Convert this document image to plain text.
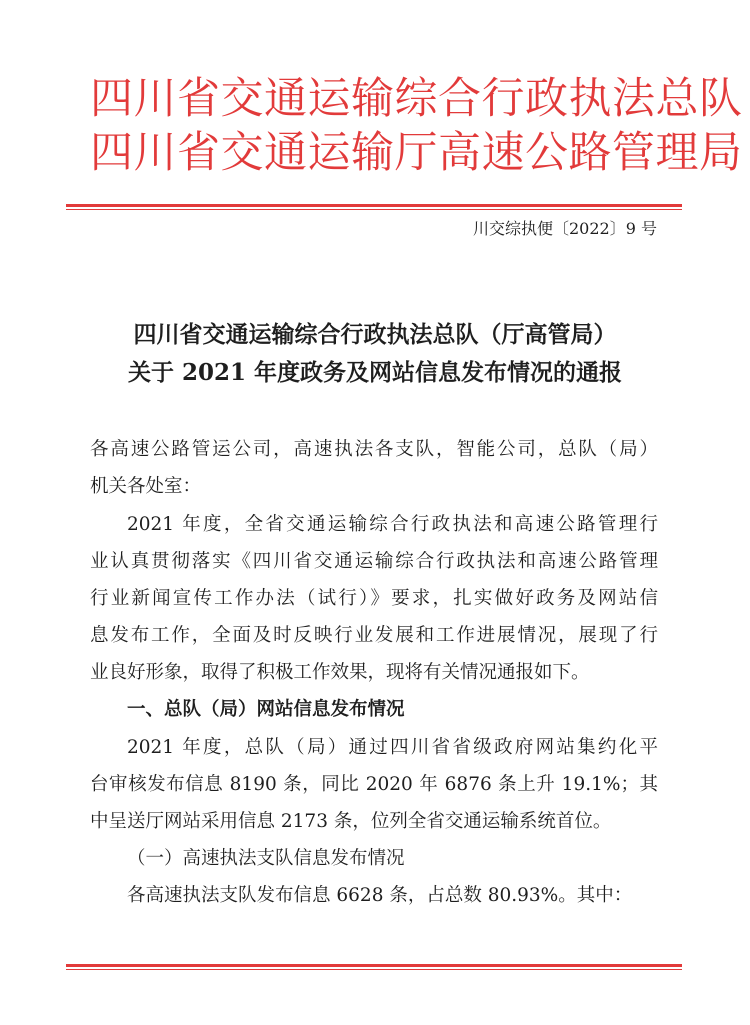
四川省交通运输综合行政执法总队
四川省交通运输厅高速公路管理局
川交综执便〔2022〕9 号
四川省交通运输综合行政执法总队（厅高管局）
关于 2021 年度政务及网站信息发布情况的通报
各高速公路管运公司，高速执法各支队，智能公司，总队（局）
机关各处室：
2021 年度，全省交通运输综合行政执法和高速公路管理行
业认真贯彻落实《四川省交通运输综合行政执法和高速公路管理
行业新闻宣传工作办法（试行）》要求，扎实做好政务及网站信
息发布工作，全面及时反映行业发展和工作进展情况，展现了行
业良好形象，取得了积极工作效果，现将有关情况通报如下。
一、总队（局）网站信息发布情况
2021 年度，总队（局）通过四川省省级政府网站集约化平
台审核发布信息 8190 条，同比 2020 年 6876 条上升 19.1%；其
中呈送厅网站采用信息 2173 条，位列全省交通运输系统首位。
（一）高速执法支队信息发布情况
各高速执法支队发布信息 6628 条，占总数 80.93%。其中：
